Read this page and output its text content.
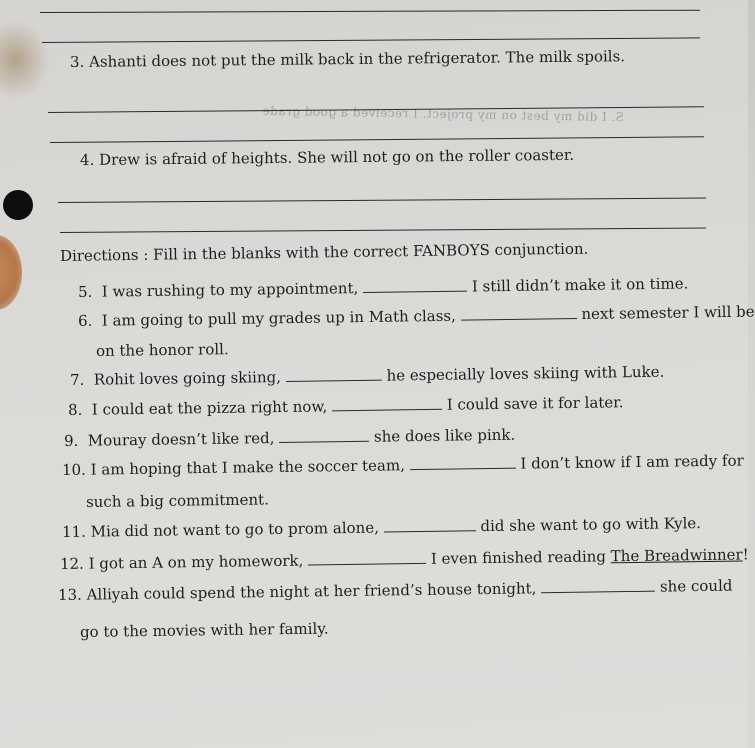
3. Ashanti does not put the milk back in the refrigerator. The milk spoils.
S. I did my best on my project. I received a good grade
4. Drew is afraid of heights. She will not go on the roller coaster.
Directions : Fill in the blanks with the correct FANBOYS conjunction.
5. I was rushing to my appointment,	I still didn’t make it on time.
6. I am going to pull my grades up in Math class,	next semester I will be
on the honor roll.
7. Rohit loves going skiing,	he especially loves skiing with Luke.
8. I could eat the pizza right now,	I could save it for later.
9. Mouray doesn’t like red,	she does like pink.
10. I am hoping that I make the soccer team,	I don’t know if I am ready for
such a big commitment.
11. Mia did not want to go to prom alone,	did she want to go with Kyle.
12. I got an A on my homework,	I even finished reading The Breadwinner!
13. Alliyah could spend the night at her friend’s house tonight,	she could
go to the movies with her family.
